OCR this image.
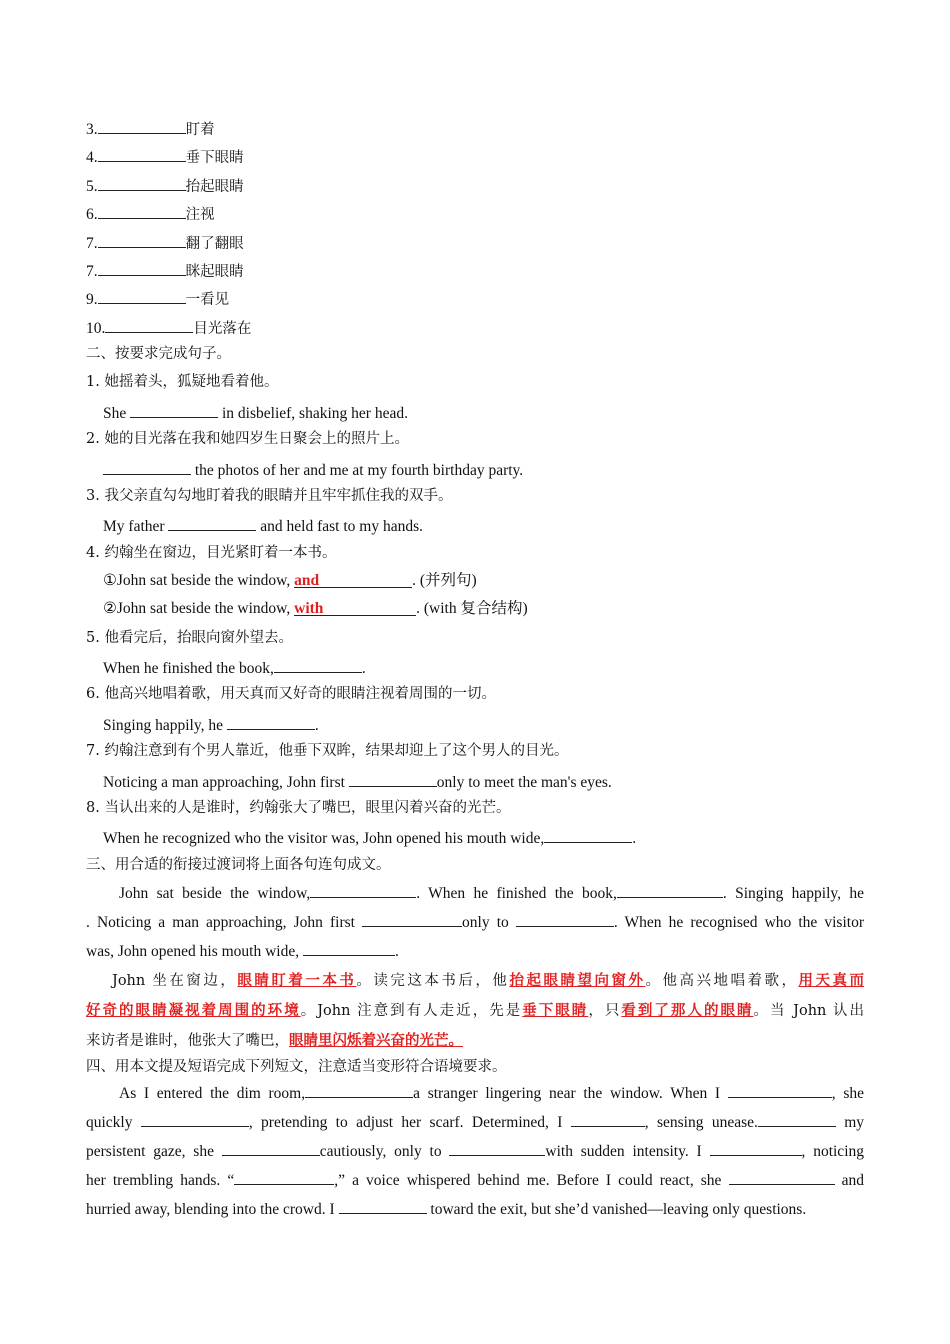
3.	盯着
4.	垂下眼睛
5.	抬起眼睛
6.	注视
7.	翻了翻眼
7.	眯起眼睛
9.	一看见
10.	目光落在
二、按要求完成句子。
1. 她摇着头，狐疑地看着他。
She	in disbelief, shaking her head.
2. 她的目光落在我和她四岁生日聚会上的照片上。
the photos of her and me at my fourth birthday party.
3. 我父亲直勾勾地盯着我的眼睛并且牢牢抓住我的双手。
My father	and held fast to my hands.
4. 约翰坐在窗边，目光紧盯着一本书。
①John sat beside the window, and	. (并列句)
②John sat beside the window, with	. (with 复合结构)
5. 他看完后，抬眼向窗外望去。
When he finished the book,	.
6. 他高兴地唱着歌，用天真而又好奇的眼睛注视着周围的一切。
Singing happily, he	.
7. 约翰注意到有个男人靠近，他垂下双眸，结果却迎上了这个男人的目光。
Noticing a man approaching, John first	only to meet the man's eyes.
8. 当认出来的人是谁时，约翰张大了嘴巴，眼里闪着兴奋的光芒。
When he recognized who the visitor was, John opened his mouth wide,	.
三、用合适的衔接过渡词将上面各句连句成文。

John sat beside the window,	. When he finished the book,	. Singing happily, he

. Noticing a man approaching, John first	only to	. When he recognised who the visitor

was, John opened his mouth wide,	.

John 坐在窗边，眼睛盯着一本书。读完这本书后，他抬起眼睛望向窗外。他高兴地唱着歌，用天真而

好奇的眼睛凝视着周围的环境。John 注意到有人走近，先是垂下眼睛，只看到了那人的眼睛。当 John 认出

来访者是谁时，他张大了嘴巴，眼睛里闪烁着兴奋的光芒。

四、用本文提及短语完成下列短文，注意适当变形符合语境要求。

As I entered the dim room,	a stranger lingering near the window. When I	, she

quickly	, pretending to adjust her scarf. Determined, I	, sensing unease.	my

persistent gaze, she	cautiously, only to	with sudden intensity. I	, noticing

her trembling hands. “	,” a voice whispered behind me. Before I could react, she	and

hurried away, blending into the crowd. I	toward the exit, but she’d vanished—leaving only questions.
